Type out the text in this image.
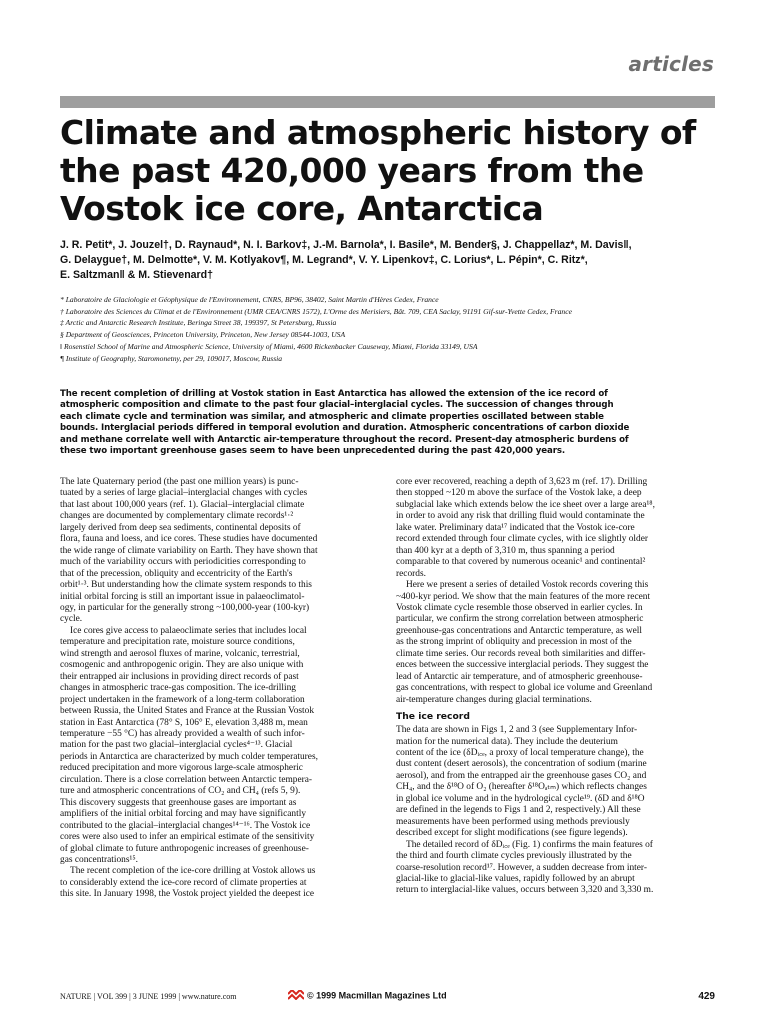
articles
Climate and atmospheric history of
the past 420,000 years from the
Vostok ice core, Antarctica

J. R. Petit*, J. Jouzel†, D. Raynaud*, N. I. Barkov‡, J.-M. Barnola*, I. Basile*, M. Bender§, J. Chappellaz*, M. Davis‖,
G. Delaygue†, M. Delmotte*, V. M. Kotlyakov¶, M. Legrand*, V. Y. Lipenkov‡, C. Lorius*, L. Pépin*, C. Ritz*,
E. Saltzman‖ & M. Stievenard†

* Laboratoire de Glaciologie et Géophysique de l'Environnement, CNRS, BP96, 38402, Saint Martin d'Hères Cedex, France
† Laboratoire des Sciences du Climat et de l'Environnement (UMR CEA/CNRS 1572), L'Orme des Merisiers, Bât. 709, CEA Saclay, 91191 Gif-sur-Yvette Cedex, France
‡ Arctic and Antarctic Research Institute, Beringa Street 38, 199397, St Petersburg, Russia
§ Department of Geosciences, Princeton University, Princeton, New Jersey 08544-1003, USA
‖ Rosenstiel School of Marine and Atmospheric Science, University of Miami, 4600 Rickenbacker Causeway, Miami, Florida 33149, USA
¶ Institute of Geography, Staromonetny, per 29, 109017, Moscow, Russia

The recent completion of drilling at Vostok station in East Antarctica has allowed the extension of the ice record of
atmospheric composition and climate to the past four glacial–interglacial cycles. The succession of changes through
each climate cycle and termination was similar, and atmospheric and climate properties oscillated between stable
bounds. Interglacial periods differed in temporal evolution and duration. Atmospheric concentrations of carbon dioxide
and methane correlate well with Antarctic air-temperature throughout the record. Present-day atmospheric burdens of
these two important greenhouse gases seem to have been unprecedented during the past 420,000 years.

The late Quaternary period (the past one million years) is punc-
tuated by a series of large glacial–interglacial changes with cycles
that last about 100,000 years (ref. 1). Glacial–interglacial climate
changes are documented by complementary climate records¹·²
largely derived from deep sea sediments, continental deposits of
flora, fauna and loess, and ice cores. These studies have documented
the wide range of climate variability on Earth. They have shown that
much of the variability occurs with periodicities corresponding to
that of the precession, obliquity and eccentricity of the Earth's
orbit¹·³. But understanding how the climate system responds to this
initial orbital forcing is still an important issue in palaeoclimatol-
ogy, in particular for the generally strong ~100,000-year (100-kyr)
cycle.

Ice cores give access to palaeoclimate series that includes local
temperature and precipitation rate, moisture source conditions,
wind strength and aerosol fluxes of marine, volcanic, terrestrial,
cosmogenic and anthropogenic origin. They are also unique with
their entrapped air inclusions in providing direct records of past
changes in atmospheric trace-gas composition. The ice-drilling
project undertaken in the framework of a long-term collaboration
between Russia, the United States and France at the Russian Vostok
station in East Antarctica (78° S, 106° E, elevation 3,488 m, mean
temperature −55 °C) has already provided a wealth of such infor-
mation for the past two glacial–interglacial cycles⁴⁻¹³. Glacial
periods in Antarctica are characterized by much colder temperatures,
reduced precipitation and more vigorous large-scale atmospheric
circulation. There is a close correlation between Antarctic tempera-
ture and atmospheric concentrations of CO₂ and CH₄ (refs 5, 9).
This discovery suggests that greenhouse gases are important as
amplifiers of the initial orbital forcing and may have significantly
contributed to the glacial–interglacial changes¹⁴⁻¹⁶. The Vostok ice
cores were also used to infer an empirical estimate of the sensitivity
of global climate to future anthropogenic increases of greenhouse-
gas concentrations¹⁵.

The recent completion of the ice-core drilling at Vostok allows us
to considerably extend the ice-core record of climate properties at
this site. In January 1998, the Vostok project yielded the deepest ice

core ever recovered, reaching a depth of 3,623 m (ref. 17). Drilling
then stopped ~120 m above the surface of the Vostok lake, a deep
subglacial lake which extends below the ice sheet over a large area¹⁸,
in order to avoid any risk that drilling fluid would contaminate the
lake water. Preliminary data¹⁷ indicated that the Vostok ice-core
record extended through four climate cycles, with ice slightly older
than 400 kyr at a depth of 3,310 m, thus spanning a period
comparable to that covered by numerous oceanic¹ and continental²
records.

Here we present a series of detailed Vostok records covering this
~400-kyr period. We show that the main features of the more recent
Vostok climate cycle resemble those observed in earlier cycles. In
particular, we confirm the strong correlation between atmospheric
greenhouse-gas concentrations and Antarctic temperature, as well
as the strong imprint of obliquity and precession in most of the
climate time series. Our records reveal both similarities and differ-
ences between the successive interglacial periods. They suggest the
lead of Antarctic air temperature, and of atmospheric greenhouse-
gas concentrations, with respect to global ice volume and Greenland
air-temperature changes during glacial terminations.

The ice record

The data are shown in Figs 1, 2 and 3 (see Supplementary Infor-
mation for the numerical data). They include the deuterium
content of the ice (δDᵢ꜀ₑ, a proxy of local temperature change), the
dust content (desert aerosols), the concentration of sodium (marine
aerosol), and from the entrapped air the greenhouse gases CO₂ and
CH₄, and the δ¹⁸O of O₂ (hereafter δ¹⁸Oₐₜₘ) which reflects changes
in global ice volume and in the hydrological cycle¹⁹. (δD and δ¹⁸O
are defined in the legends to Figs 1 and 2, respectively.) All these
measurements have been performed using methods previously
described except for slight modifications (see figure legends).

The detailed record of δDᵢ꜀ₑ (Fig. 1) confirms the main features of
the third and fourth climate cycles previously illustrated by the
coarse-resolution record¹⁷. However, a sudden decrease from inter-
glacial-like to glacial-like values, rapidly followed by an abrupt
return to interglacial-like values, occurs between 3,320 and 3,330 m.

NATURE | VOL 399 | 3 JUNE 1999 | www.nature.com	© 1999 Macmillan Magazines Ltd	429
